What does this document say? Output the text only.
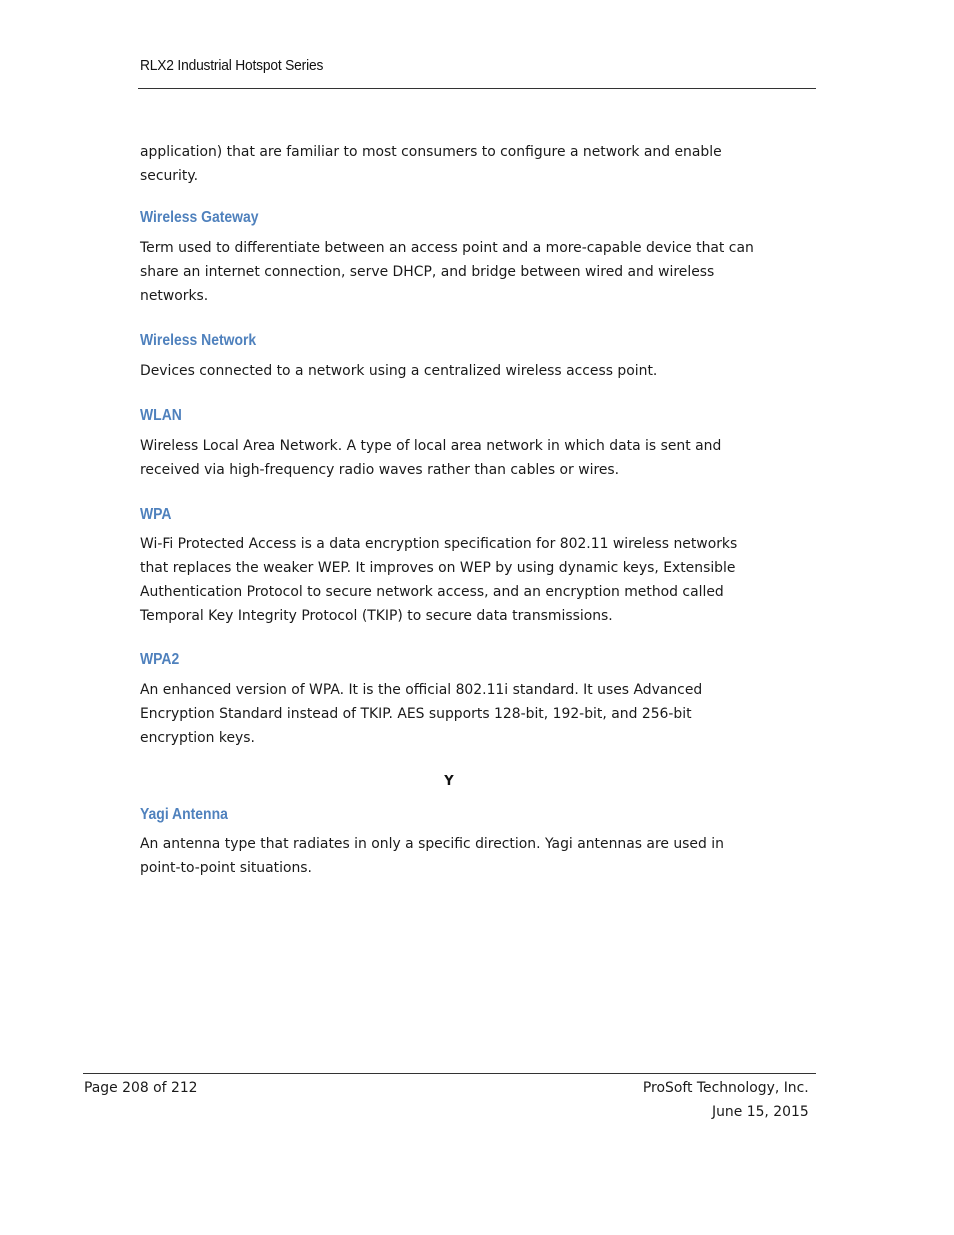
RLX2 Industrial Hotspot Series

application) that are familiar to most consumers to configure a network and enable

security.

Wireless Gateway

Term used to differentiate between an access point and a more-capable device that can

share an internet connection, serve DHCP, and bridge between wired and wireless

networks.

Wireless Network

Devices connected to a network using a centralized wireless access point.

WLAN

Wireless Local Area Network. A type of local area network in which data is sent and

received via high-frequency radio waves rather than cables or wires.

WPA

Wi-Fi Protected Access is a data encryption specification for 802.11 wireless networks

that replaces the weaker WEP. It improves on WEP by using dynamic keys, Extensible

Authentication Protocol to secure network access, and an encryption method called

Temporal Key Integrity Protocol (TKIP) to secure data transmissions.

WPA2

An enhanced version of WPA. It is the official 802.11i standard. It uses Advanced

Encryption Standard instead of TKIP. AES supports 128-bit, 192-bit, and 256-bit

encryption keys.

Y

Yagi Antenna

An antenna type that radiates in only a specific direction. Yagi antennas are used in

point-to-point situations.

Page 208 of 212	ProSoft Technology, Inc.
June 15, 2015
